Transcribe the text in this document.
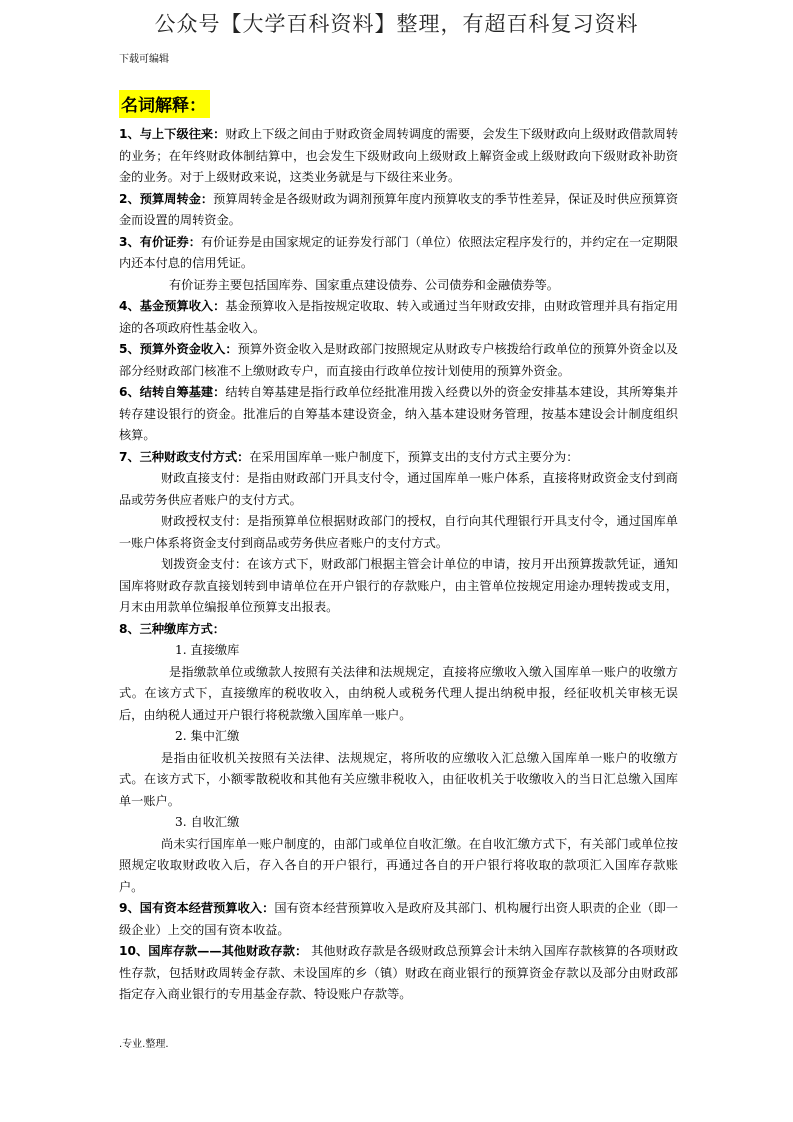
公众号【大学百科资料】整理，有超百科复习资料
下载可编辑
名词解释：

1、与上下级往来：财政上下级之间由于财政资金周转调度的需要，会发生下级财政向上级财政借款周转的业务；在年终财政体制结算中，也会发生下级财政向上级财政上解资金或上级财政向下级财政补助资金的业务。对于上级财政来说，这类业务就是与下级往来业务。

2、预算周转金：预算周转金是各级财政为调剂预算年度内预算收支的季节性差异，保证及时供应预算资金而设置的周转资金。

3、有价证券：有价证券是由国家规定的证券发行部门（单位）依照法定程序发行的，并约定在一定期限内还本付息的信用凭证。

有价证券主要包括国库券、国家重点建设债券、公司债券和金融债券等。

4、基金预算收入：基金预算收入是指按规定收取、转入或通过当年财政安排，由财政管理并具有指定用途的各项政府性基金收入。

5、预算外资金收入：预算外资金收入是财政部门按照规定从财政专户核拨给行政单位的预算外资金以及部分经财政部门核准不上缴财政专户，而直接由行政单位按计划使用的预算外资金。

6、结转自筹基建：结转自筹基建是指行政单位经批准用拨入经费以外的资金安排基本建设，其所筹集并转存建设银行的资金。批准后的自筹基本建设资金，纳入基本建设财务管理，按基本建设会计制度组织核算。

7、三种财政支付方式：在采用国库单一账户制度下，预算支出的支付方式主要分为：

财政直接支付：是指由财政部门开具支付令，通过国库单一账户体系，直接将财政资金支付到商品或劳务供应者账户的支付方式。

财政授权支付：是指预算单位根据财政部门的授权，自行向其代理银行开具支付令，通过国库单一账户体系将资金支付到商品或劳务供应者账户的支付方式。

划拨资金支付：在该方式下，财政部门根据主管会计单位的申请，按月开出预算拨款凭证，通知国库将财政存款直接划转到申请单位在开户银行的存款账户，由主管单位按规定用途办理转拨或支用，月末由用款单位编报单位预算支出报表。

8、三种缴库方式：

1. 直接缴库

是指缴款单位或缴款人按照有关法律和法规规定，直接将应缴收入缴入国库单一账户的收缴方式。在该方式下，直接缴库的税收收入，由纳税人或税务代理人提出纳税申报，经征收机关审核无误后，由纳税人通过开户银行将税款缴入国库单一账户。

2. 集中汇缴

是指由征收机关按照有关法律、法规规定，将所收的应缴收入汇总缴入国库单一账户的收缴方式。在该方式下，小额零散税收和其他有关应缴非税收入，由征收机关于收缴收入的当日汇总缴入国库单一账户。

3. 自收汇缴

尚未实行国库单一账户制度的，由部门或单位自收汇缴。在自收汇缴方式下，有关部门或单位按照规定收取财政收入后，存入各自的开户银行，再通过各自的开户银行将收取的款项汇入国库存款账户。

9、国有资本经营预算收入：国有资本经营预算收入是政府及其部门、机构履行出资人职责的企业（即一级企业）上交的国有资本收益。

10、国库存款——其他财政存款： 其他财政存款是各级财政总预算会计未纳入国库存款核算的各项财政性存款，包括财政周转金存款、未设国库的乡（镇）财政在商业银行的预算资金存款以及部分由财政部指定存入商业银行的专用基金存款、特设账户存款等。

.专业.整理.
